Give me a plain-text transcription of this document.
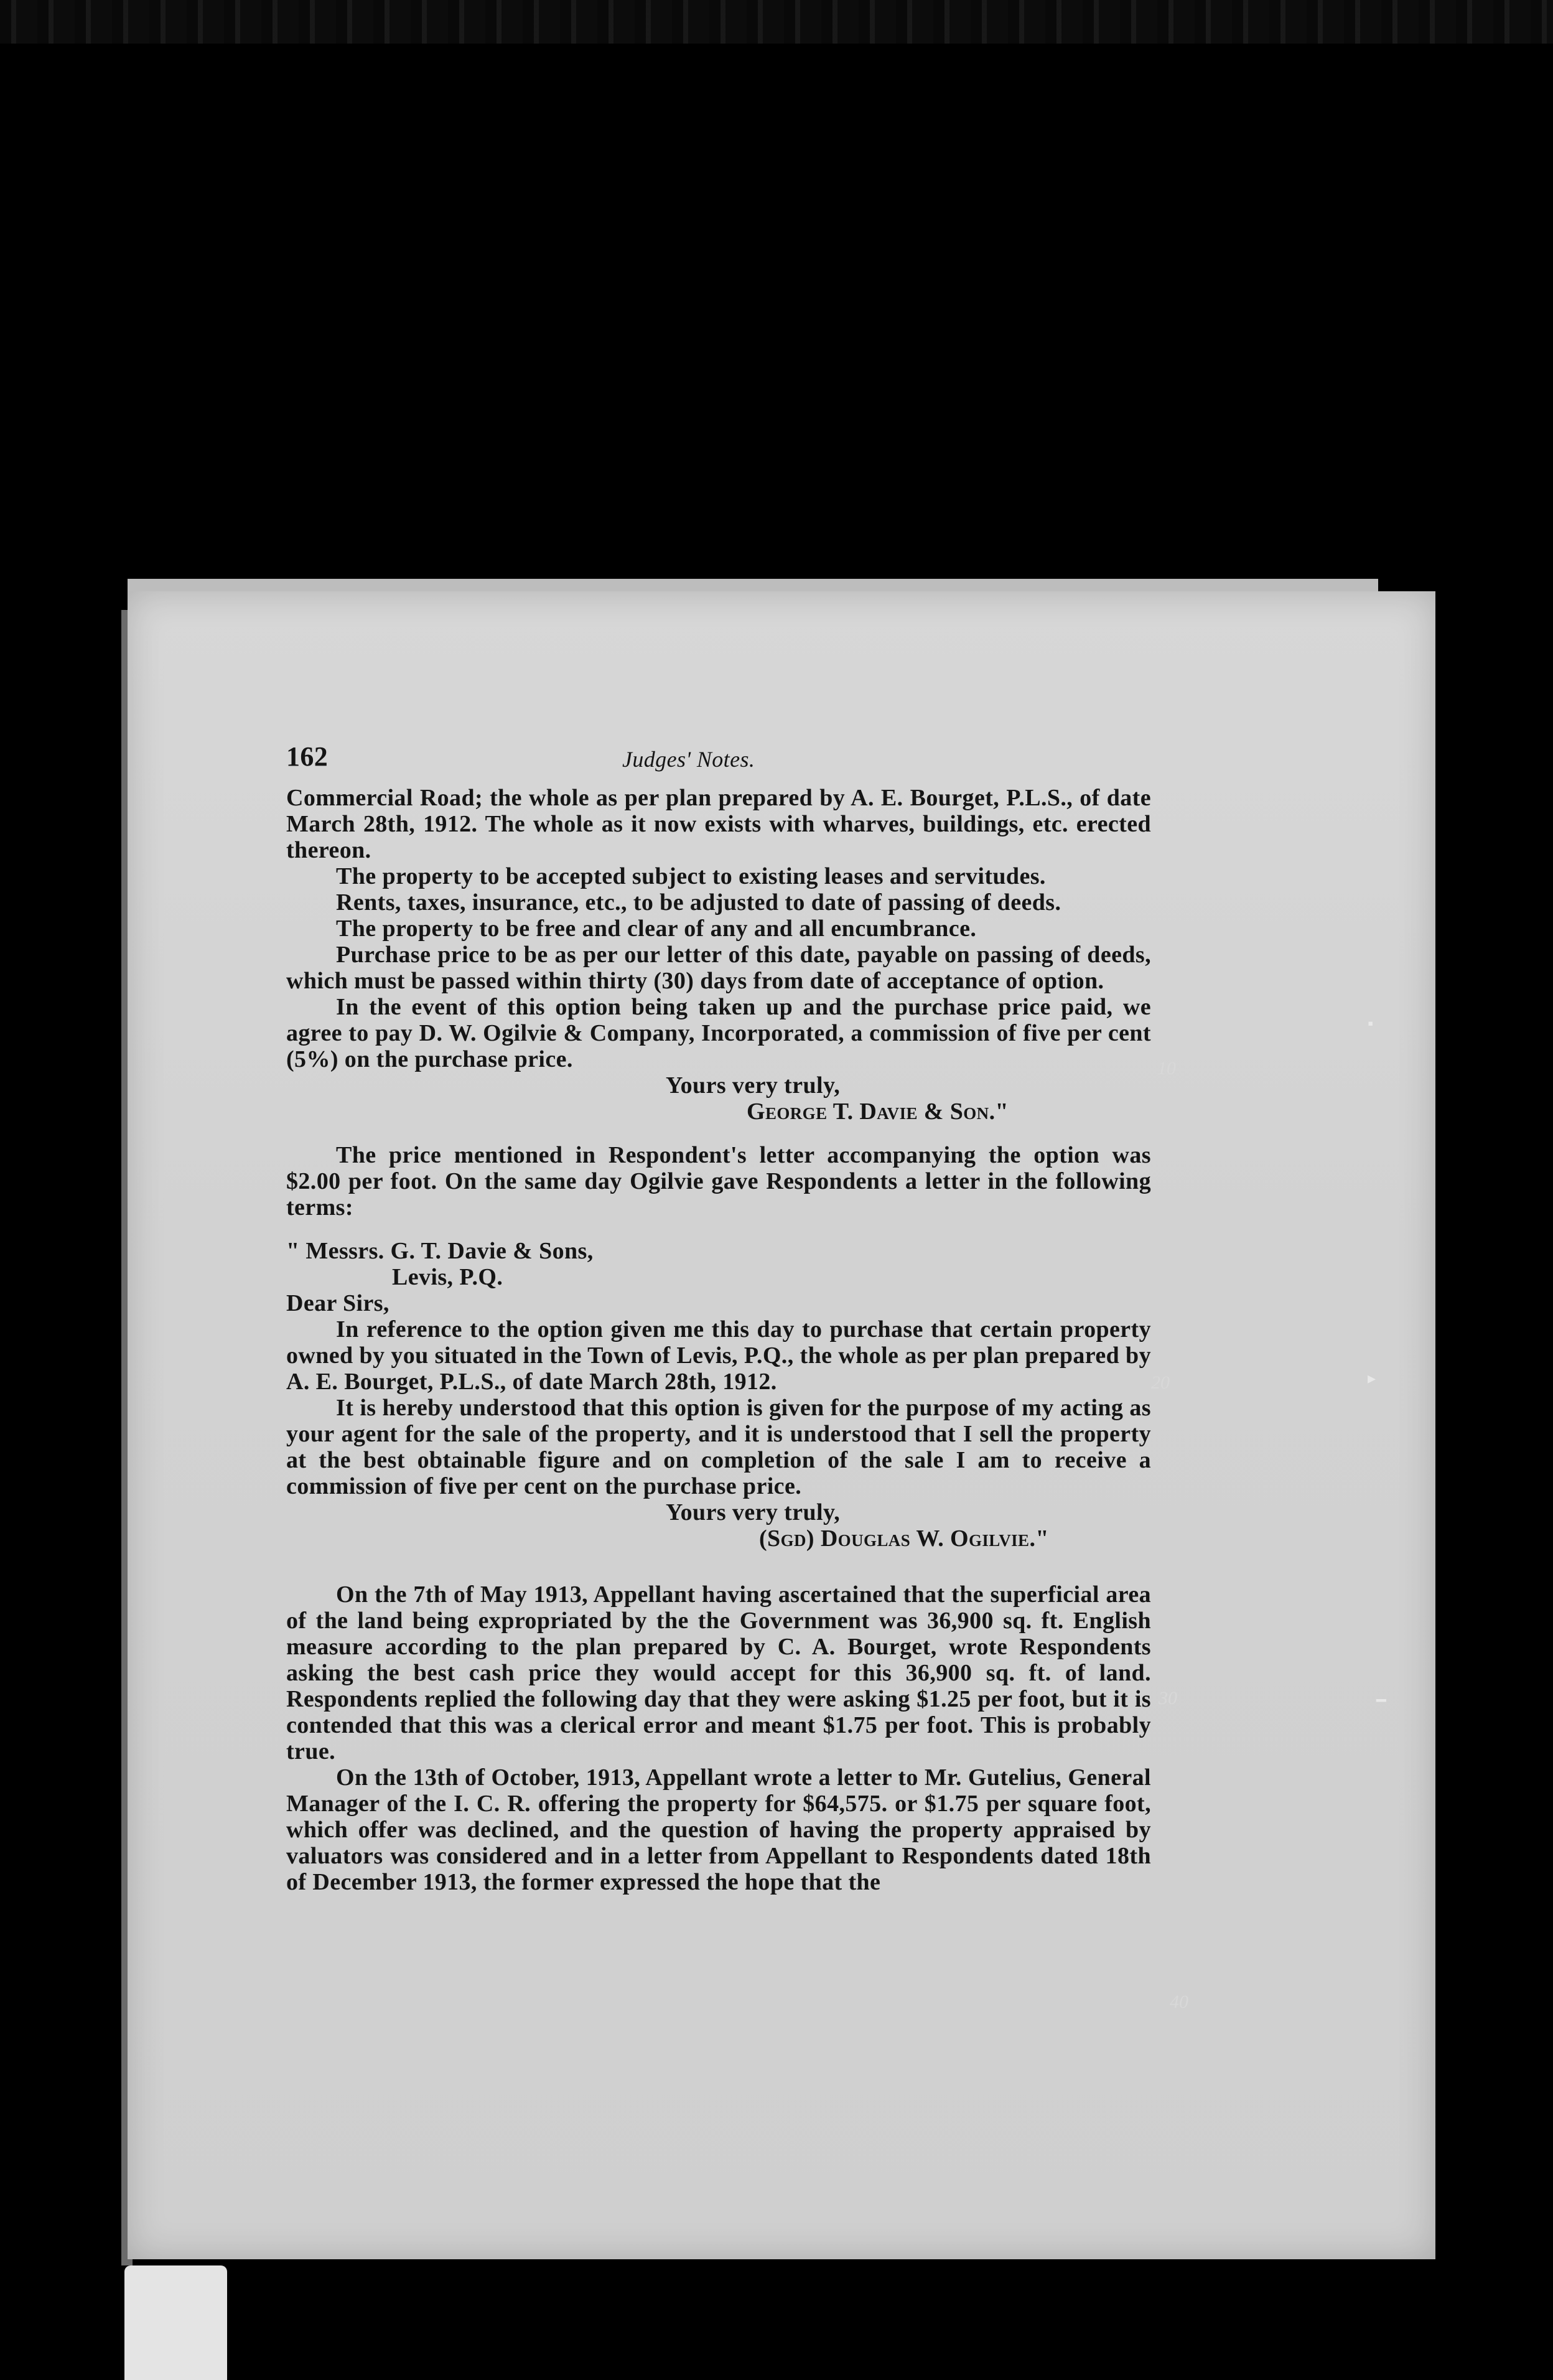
162	Judges' Notes.

Commercial Road; the whole as per plan prepared by A. E. Bourget, P.L.S., of date March 28th, 1912. The whole as it now exists with wharves, buildings, etc. erected thereon.

The property to be accepted subject to existing leases and servitudes.

Rents, taxes, insurance, etc., to be adjusted to date of passing of deeds.

The property to be free and clear of any and all encumbrance.

Purchase price to be as per our letter of this date, payable on passing of deeds, which must be passed within thirty (30) days from date of acceptance of option.

In the event of this option being taken up and the purchase price paid, we agree to pay D. W. Ogilvie & Company, Incorporated, a commission of five per cent (5%) on the purchase price.

Yours very truly,

George T. Davie & Son."

The price mentioned in Respondent's letter accompanying the option was $2.00 per foot. On the same day Ogilvie gave Respondents a letter in the following terms:

" Messrs. G. T. Davie & Sons,

Levis, P.Q.

Dear Sirs,

In reference to the option given me this day to purchase that certain property owned by you situated in the Town of Levis, P.Q., the whole as per plan prepared by A. E. Bourget, P.L.S., of date March 28th, 1912.

It is hereby understood that this option is given for the purpose of my acting as your agent for the sale of the property, and it is understood that I sell the property at the best obtainable figure and on completion of the sale I am to receive a commission of five per cent on the purchase price.

Yours very truly,

(Sgd) Douglas W. Ogilvie."

On the 7th of May 1913, Appellant having ascertained that the superficial area of the land being expropriated by the the Government was 36,900 sq. ft. English measure according to the plan prepared by C. A. Bourget, wrote Respondents asking the best cash price they would accept for this 36,900 sq. ft. of land. Respondents replied the following day that they were asking $1.25 per foot, but it is contended that this was a clerical error and meant $1.75 per foot. This is probably true.

On the 13th of October, 1913, Appellant wrote a letter to Mr. Gutelius, General Manager of the I. C. R. offering the property for $64,575. or $1.75 per square foot, which offer was declined, and the question of having the property appraised by valuators was considered and in a letter from Appellant to Respondents dated 18th of December 1913, the former expressed the hope that the

10
20
30
40
▪
▸
━
